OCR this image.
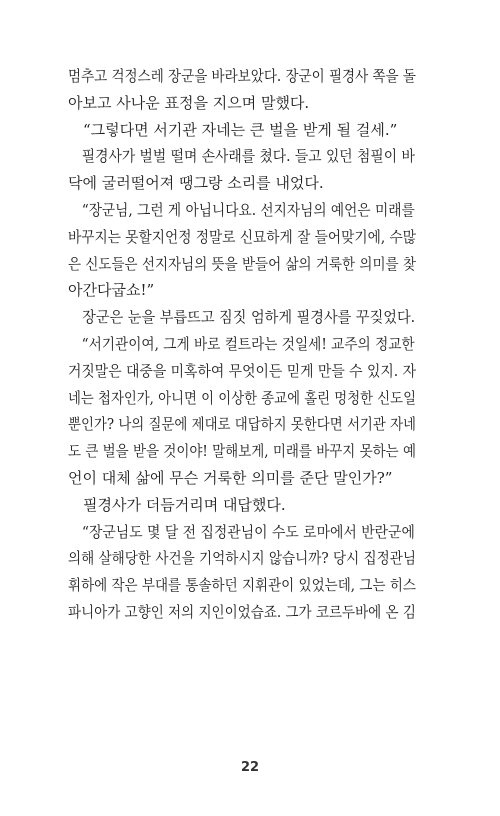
멈추고 걱정스레 장군을 바라보았다. 장군이 필경사 쪽을 돌
아보고 사나운 표정을 지으며 말했다.
“그렇다면 서기관 자네는 큰 벌을 받게 될 걸세.”
필경사가 벌벌 떨며 손사래를 쳤다. 들고 있던 첨필이 바
닥에 굴러떨어져 땡그랑 소리를 내었다.
“장군님, 그런 게 아닙니다요. 선지자님의 예언은 미래를
바꾸지는 못할지언정 정말로 신묘하게 잘 들어맞기에, 수많
은 신도들은 선지자님의 뜻을 받들어 삶의 거룩한 의미를 찾
아간다굽쇼!”
장군은 눈을 부릅뜨고 짐짓 엄하게 필경사를 꾸짖었다.
“서기관이여, 그게 바로 컬트라는 것일세! 교주의 정교한
거짓말은 대중을 미혹하여 무엇이든 믿게 만들 수 있지. 자
네는 첩자인가, 아니면 이 이상한 종교에 홀린 멍청한 신도일
뿐인가? 나의 질문에 제대로 대답하지 못한다면 서기관 자네
도 큰 벌을 받을 것이야! 말해보게, 미래를 바꾸지 못하는 예
언이 대체 삶에 무슨 거룩한 의미를 준단 말인가?”
필경사가 더듬거리며 대답했다.
“장군님도 몇 달 전 집정관님이 수도 로마에서 반란군에
의해 살해당한 사건을 기억하시지 않습니까? 당시 집정관님
휘하에 작은 부대를 통솔하던 지휘관이 있었는데, 그는 히스
파니아가 고향인 저의 지인이었습죠. 그가 코르두바에 온 김
22
